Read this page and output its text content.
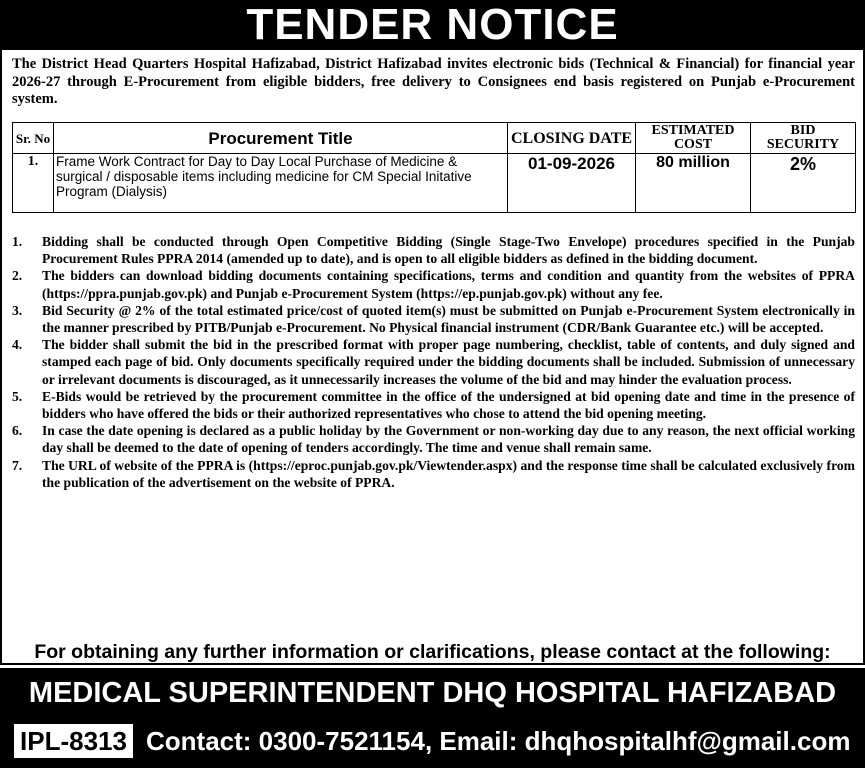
TENDER NOTICE

The District Head Quarters Hospital Hafizabad, District Hafizabad invites electronic bids (Technical & Financial) for financial year 2026-27 through E-Procurement from eligible bidders, free delivery to Consignees end basis registered on Punjab e-Procurement system.

Sr. No	Procurement Title	CLOSING DATE	ESTIMATED COST	BID SECURITY
1.	Frame Work Contract for Day to Day Local Purchase of Medicine & surgical / disposable items including medicine for CM Special Initative Program (Dialysis)	01-09-2026	80 million	2%
1. Bidding shall be conducted through Open Competitive Bidding (Single Stage-Two Envelope) procedures specified in the Punjab Procurement Rules PPRA 2014 (amended up to date), and is open to all eligible bidders as defined in the bidding document.
2. The bidders can download bidding documents containing specifications, terms and condition and quantity from the websites of PPRA (https://ppra.punjab.gov.pk) and Punjab e-Procurement System (https://ep.punjab.gov.pk) without any fee.
3. Bid Security @ 2% of the total estimated price/cost of quoted item(s) must be submitted on Punjab e-Procurement System electronically in the manner prescribed by PITB/Punjab e-Procurement. No Physical financial instrument (CDR/Bank Guarantee etc.) will be accepted.
4. The bidder shall submit the bid in the prescribed format with proper page numbering, checklist, table of contents, and duly signed and stamped each page of bid. Only documents specifically required under the bidding documents shall be included. Submission of unnecessary or irrelevant documents is discouraged, as it unnecessarily increases the volume of the bid and may hinder the evaluation process.
5. E-Bids would be retrieved by the procurement committee in the office of the undersigned at bid opening date and time in the presence of bidders who have offered the bids or their authorized representatives who chose to attend the bid opening meeting.
6. In case the date opening is declared as a public holiday by the Government or non-working day due to any reason, the next official working day shall be deemed to the date of opening of tenders accordingly. The time and venue shall remain same.
7. The URL of website of the PPRA is (https://eproc.punjab.gov.pk/Viewtender.aspx) and the response time shall be calculated exclusively from the publication of the advertisement on the website of PPRA.
For obtaining any further information or clarifications, please contact at the following:
MEDICAL SUPERINTENDENT DHQ HOSPITAL HAFIZABAD
IPL-8313 Contact: 0300-7521154, Email: dhqhospitalhf@gmail.com
